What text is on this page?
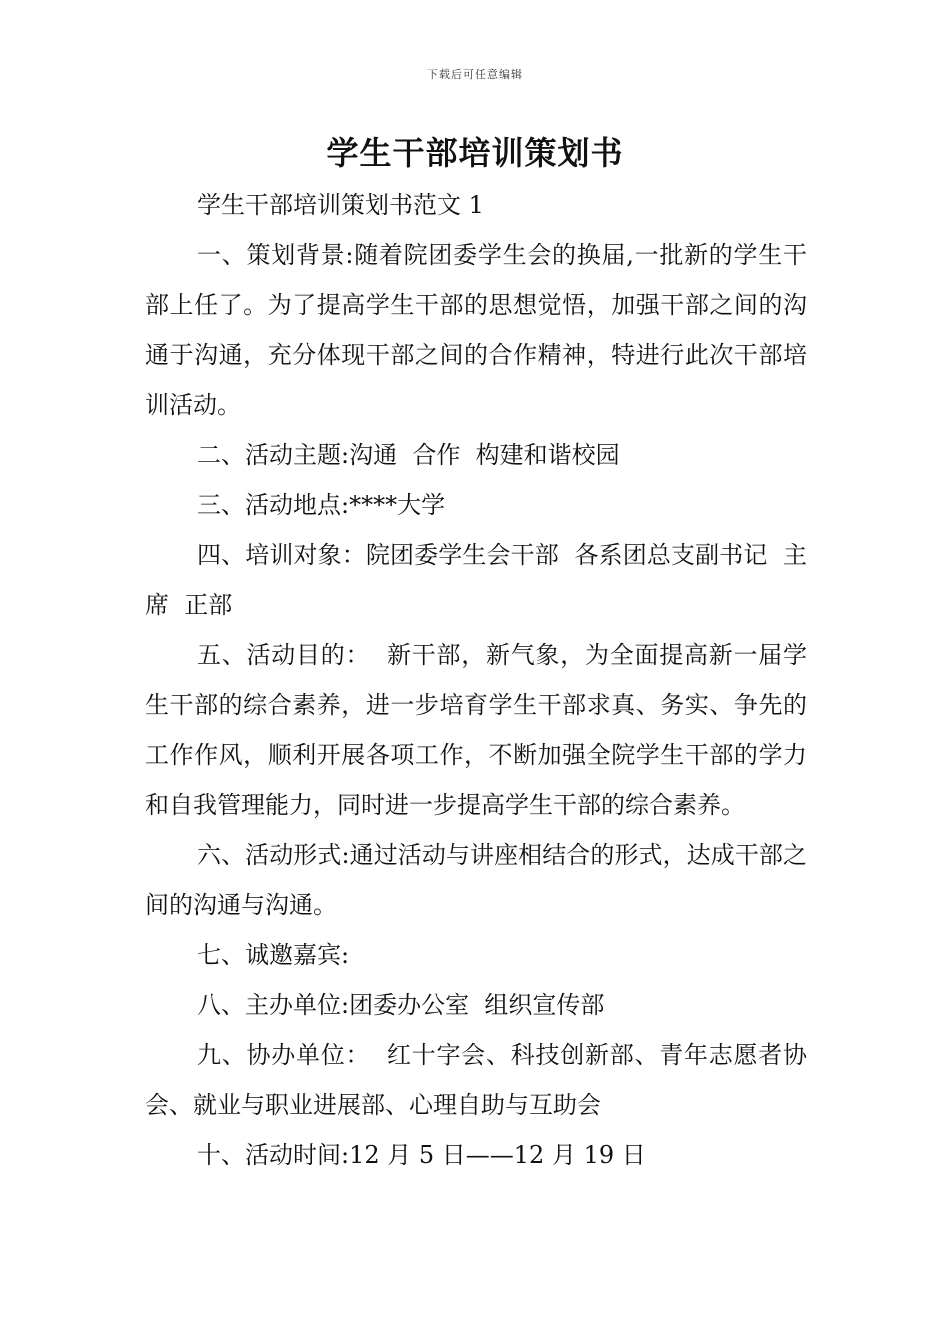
下载后可任意编辑
学生干部培训策划书

学生干部培训策划书范文 1

一、策划背景:随着院团委学生会的换届,一批新的学生干部上任了。为了提高学生干部的思想觉悟，加强干部之间的沟通于沟通，充分体现干部之间的合作精神，特进行此次干部培训活动。

二、活动主题:沟通  合作  构建和谐校园

三、活动地点:****大学

四、培训对象：院团委学生会干部  各系团总支副书记  主席  正部

五、活动目的：  新干部，新气象，为全面提高新一届学生干部的综合素养，进一步培育学生干部求真、务实、争先的工作作风，顺利开展各项工作，不断加强全院学生干部的学力和自我管理能力，同时进一步提高学生干部的综合素养。

六、活动形式:通过活动与讲座相结合的形式，达成干部之间的沟通与沟通。

七、诚邀嘉宾:

八、主办单位:团委办公室  组织宣传部

九、协办单位：  红十字会、科技创新部、青年志愿者协会、就业与职业进展部、心理自助与互助会

十、活动时间:12 月 5 日——12 月 19 日
